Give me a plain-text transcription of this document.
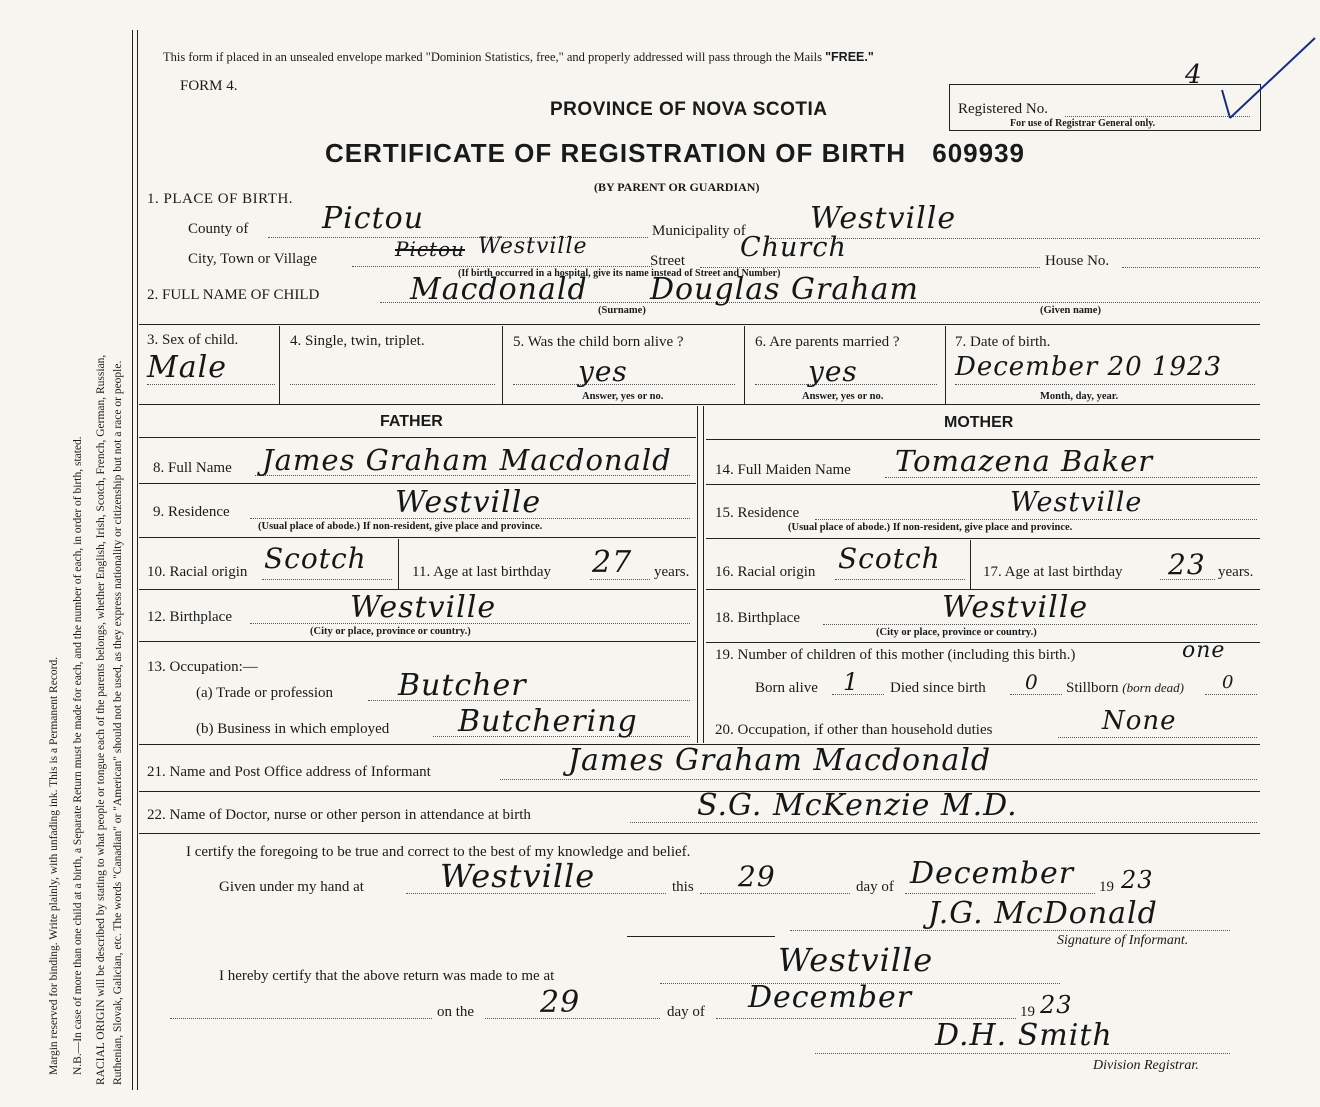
Margin reserved for binding. Write plainly, with unfading ink. This is a Permanent Record. N.B.—In case of more than one child at a birth, a Separate Return must be made for each, and the number of each, in order of birth, stated. RACIAL ORIGIN will be described by stating to what people or tongue each of the parents belongs, whether English, Irish, Scotch, French, German, Russian, Ruthenian, Slovak, Galician, etc. The words "Canadian" or "American" should not be used, as they express nationality or citizenship but not a race or people.
This form if placed in an unsealed envelope marked "Dominion Statistics, free," and properly addressed will pass through the Mails "FREE."
FORM 4.
PROVINCE OF NOVA SCOTIA	Registered No.
4
For use of Registrar General only.
CERTIFICATE OF REGISTRATION OF BIRTH 609939
(BY PARENT OR GUARDIAN)
1. PLACE OF BIRTH.
County of Pictou	Municipality of Westville
City, Town or Village	Pictou Westville
Street Church	House No.
(If birth occurred in a hospital, give its name instead of Street and Number)
2. FULL NAME OF CHILD	Macdonald Douglas Graham
(Surname)	(Given name)
3. Sex of child.
Male
4. Single, twin, triplet.	5. Was the child born alive ?
yes
Answer, yes or no.
6. Are parents married ?
yes
Answer, yes or no.
7. Date of birth.
December 20 1923
Month, day, year.
FATHER	MOTHER
8. Full Name James Graham Macdonald
9. Residence	Westville
(Usual place of abode.) If non-resident, give place and province.
10. Racial origin Scotch	11. Age at last birthday 27 years.
12. Birthplace	Westville
(City or place, province or country.)
13. Occupation:—
(a) Trade or profession Butcher
(b) Business in which employed Butchering
14. Full Maiden Name Tomazena Baker
15. Residence	Westville
(Usual place of abode.) If non-resident, give place and province.
16. Racial origin Scotch	17. Age at last birthday 23 years.
18. Birthplace	Westville
(City or place, province or country.)
19. Number of children of this mother (including this birth.)	one
Born alive 1 Died since birth 0 Stillborn (born dead) 0
20. Occupation, if other than household duties	None
21. Name and Post Office address of Informant	James Graham Macdonald
22. Name of Doctor, nurse or other person in attendance at birth	S.G. McKenzie M.D.
I certify the foregoing to be true and correct to the best of my knowledge and belief.
Given under my hand at Westville	this 29	day of December 19 23
J.G. McDonald
Signature of Informant.
I hereby certify that the above return was made to me at	Westville
on the 29	day of December	19 23
D.H. Smith
Division Registrar.
